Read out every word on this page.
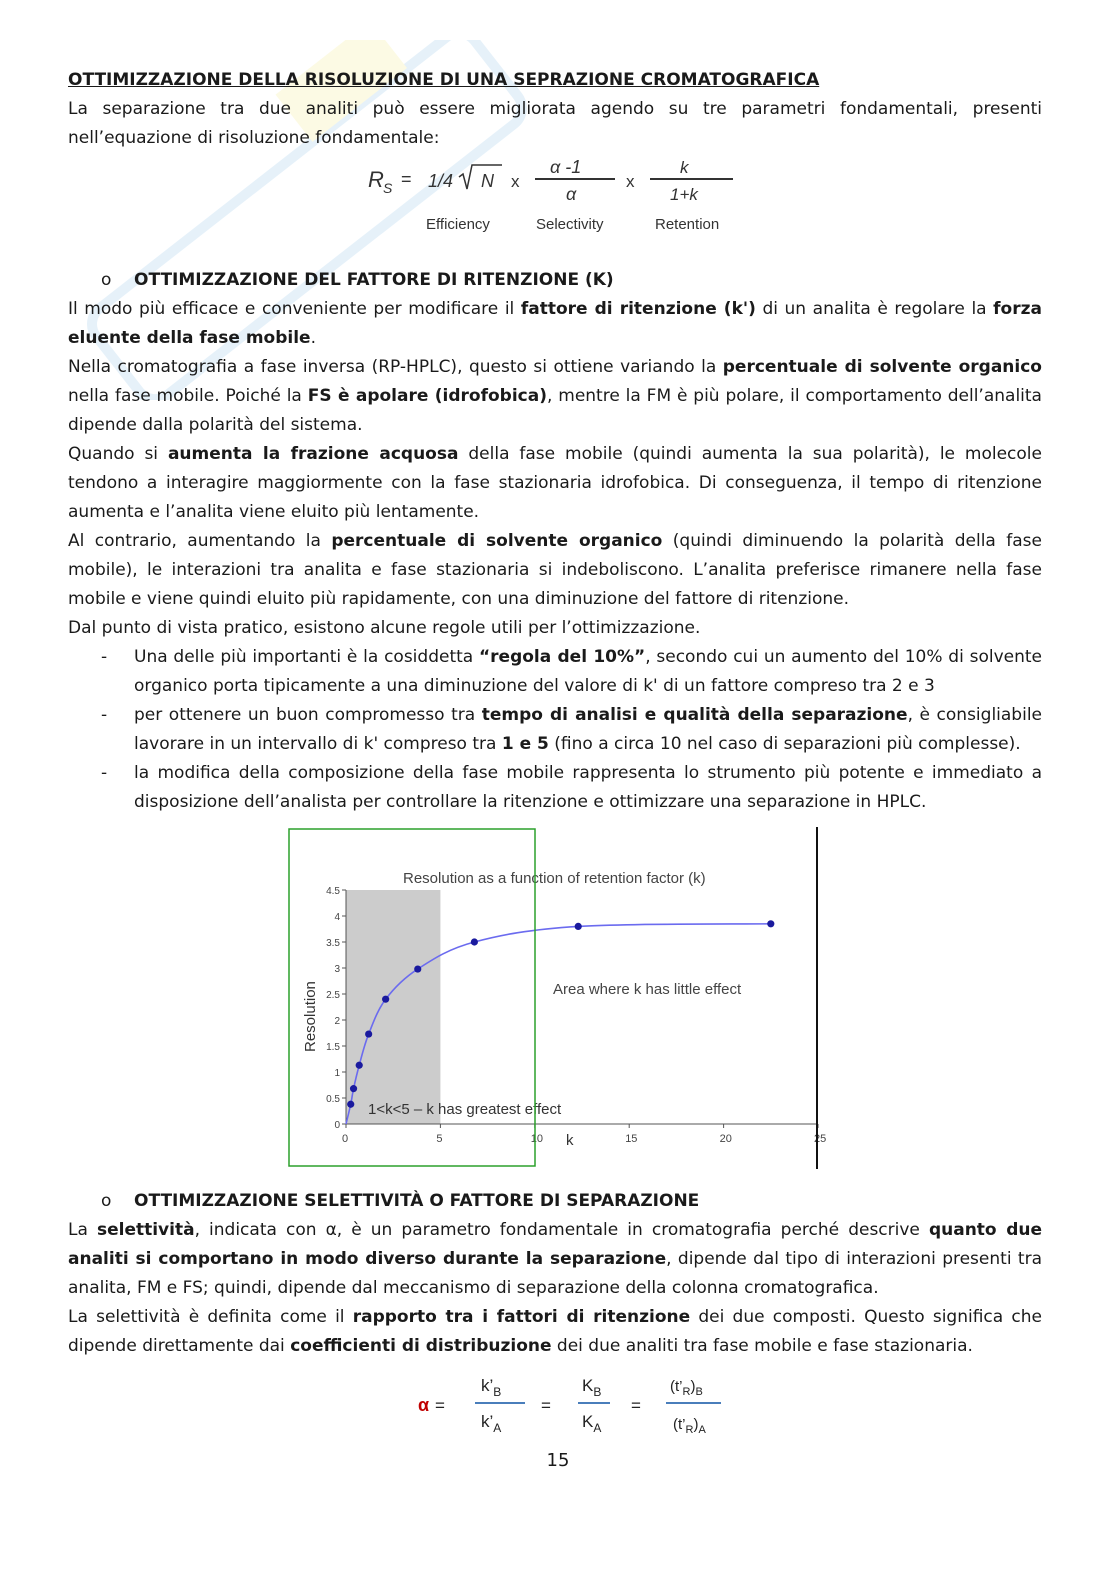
OTTIMIZZAZIONE DELLA RISOLUZIONE DI UNA SEPRAZIONE CROMATOGRAFICA

La separazione tra due analiti può essere migliorata agendo su tre parametri fondamentali, presenti nell’equazione di risoluzione fondamentale:

R S = 1/4 N x
α -1
α
x
k
1+k
Efficiency	Selectivity	Retention

o OTTIMIZZAZIONE DEL FATTORE DI RITENZIONE (K)

Il modo più efficace e conveniente per modificare il fattore di ritenzione (k') di un analita è regolare la forza eluente della fase mobile.

Nella cromatografia a fase inversa (RP-HPLC), questo si ottiene variando la percentuale di solvente organico nella fase mobile. Poiché la FS è apolare (idrofobica), mentre la FM è più polare, il comportamento dell’analita dipende dalla polarità del sistema.

Quando si aumenta la frazione acquosa della fase mobile (quindi aumenta la sua polarità), le molecole tendono a interagire maggiormente con la fase stazionaria idrofobica. Di conseguenza, il tempo di ritenzione aumenta e l’analita viene eluito più lentamente.

Al contrario, aumentando la percentuale di solvente organico (quindi diminuendo la polarità della fase mobile), le interazioni tra analita e fase stazionaria si indeboliscono. L’analita preferisce rimanere nella fase mobile e viene quindi eluito più rapidamente, con una diminuzione del fattore di ritenzione.

Dal punto di vista pratico, esistono alcune regole utili per l’ottimizzazione.

- Una delle più importanti è la cosiddetta “regola del 10%”, secondo cui un aumento del 10% di solvente organico porta tipicamente a una diminuzione del valore di k' di un fattore compreso tra 2 e 3
- per ottenere un buon compromesso tra tempo di analisi e qualità della separazione, è consigliabile lavorare in un intervallo di k' compreso tra 1 e 5 (fino a circa 10 nel caso di separazioni più complesse).
- la modifica della composizione della fase mobile rappresenta lo strumento più potente e immediato a disposizione dell’analista per controllare la ritenzione e ottimizzare una separazione in HPLC.
0	5	10	15	20	25
0
0.5
1
1.5
2
2.5
3
3.5
4
4.5
Resolution as a function of retention factor (k)
Area where k has little effect
1<k<5 – k has greatest effect
Resolution
k

o OTTIMIZZAZIONE SELETTIVITÀ O FATTORE DI SEPARAZIONE

La selettività, indicata con α, è un parametro fondamentale in cromatografia perché descrive quanto due analiti si comportano in modo diverso durante la separazione, dipende dal tipo di interazioni presenti tra analita, FM e FS; quindi, dipende dal meccanismo di separazione della colonna cromatografica.

La selettività è definita come il rapporto tra i fattori di ritenzione dei due composti. Questo significa che dipende direttamente dai coefficienti di distribuzione dei due analiti tra fase mobile e fase stazionaria.

α =
$k’_B$
$k’_A$
=
$K_B$
$K_A$
=
$(t’_R)_B$
$(t’_R)_A$
15
